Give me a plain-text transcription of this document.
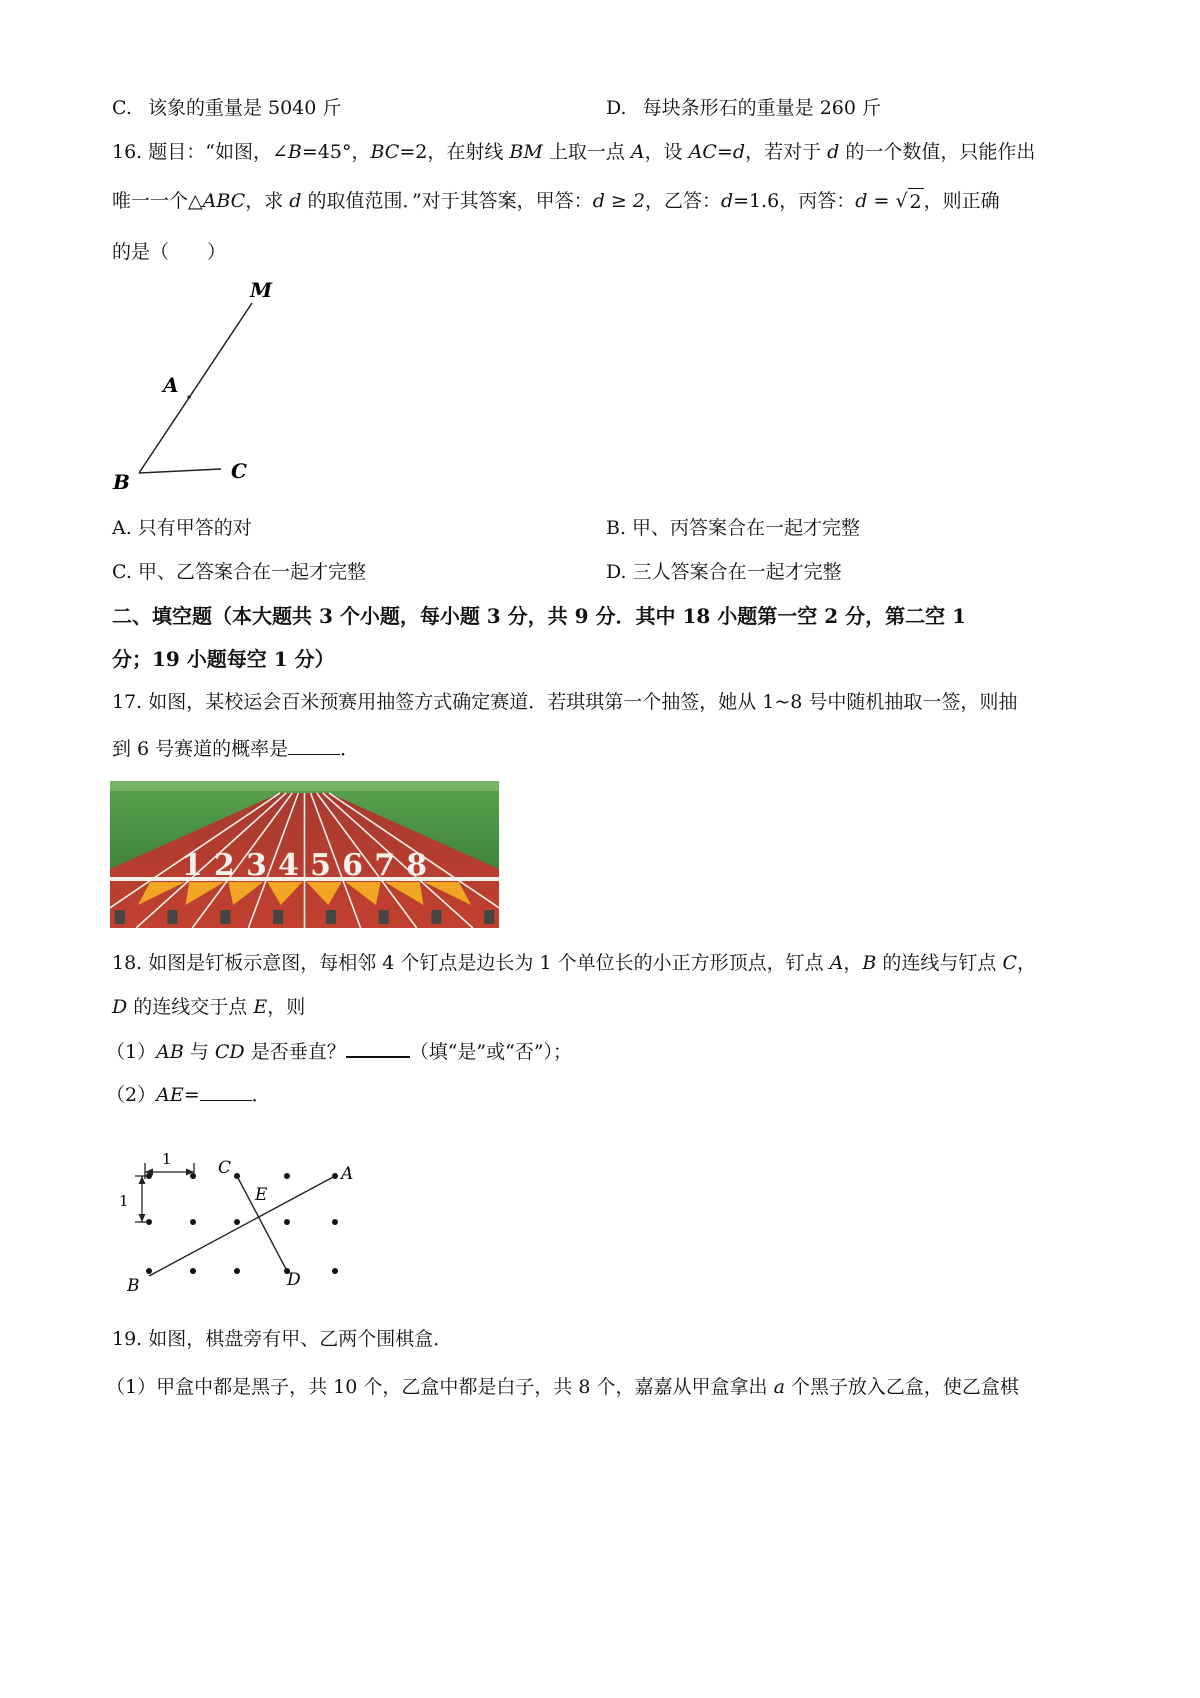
C. 该象的重量是 5040 斤	D. 每块条形石的重量是 260 斤
16. 题目：“如图，∠B=45°，BC=2，在射线 BM 上取一点 A，设 AC=d，若对于 d 的一个数值，只能作出
唯一一个△ABC，求 d 的取值范围．”对于其答案，甲答：d ≥ 2，乙答：d=1.6，丙答：d = √ 2 ，则正确
的是（　　）
M
A
B	C
A. 只有甲答的对	B. 甲、丙答案合在一起才完整
C. 甲、乙答案合在一起才完整	D. 三人答案合在一起才完整
二、填空题（本大题共 3 个小题，每小题 3 分，共 9 分．其中 18 小题第一空 2 分，第二空 1
分；19 小题每空 1 分）
17. 如图，某校运会百米预赛用抽签方式确定赛道．若琪琪第一个抽签，她从 1~8 号中随机抽取一签，则抽
到 6 号赛道的概率是	．
1 2 3 4 5 6 7 8
18. 如图是钉板示意图，每相邻 4 个钉点是边长为 1 个单位长的小正方形顶点，钉点 A，B 的连线与钉点 C，
D 的连线交于点 E，则
（1）AB 与 CD 是否垂直？	（填“是”或“否”）；
（2）AE=	．
1
1
C
E
A
B	D
19. 如图，棋盘旁有甲、乙两个围棋盒．
（1）甲盒中都是黑子，共 10 个，乙盒中都是白子，共 8 个，嘉嘉从甲盒拿出 a 个黑子放入乙盒，使乙盒棋
